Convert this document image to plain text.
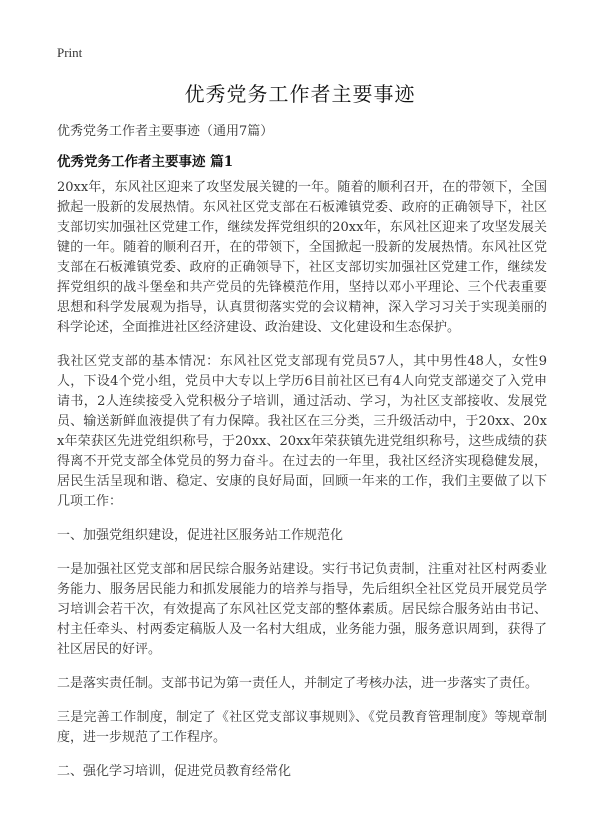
Print
优秀党务工作者主要事迹
优秀党务工作者主要事迹（通用7篇）
优秀党务工作者主要事迹 篇1

20xx年，东风社区迎来了攻坚发展关键的一年。随着的顺利召开，在的带领下，全国掀起一股新的发展热情。东风社区党支部在石板滩镇党委、政府的正确领导下，社区支部切实加强社区党建工作，继续发挥党组织的20xx年，东风社区迎来了攻坚发展关键的一年。随着的顺利召开，在的带领下，全国掀起一股新的发展热情。东风社区党支部在石板滩镇党委、政府的正确领导下，社区支部切实加强社区党建工作，继续发挥党组织的战斗堡垒和共产党员的先锋模范作用，坚持以邓小平理论、三个代表重要思想和科学发展观为指导，认真贯彻落实党的会议精神，深入学习习关于实现美丽的科学论述，全面推进社区经济建设、政治建设、文化建设和生态保护。

我社区党支部的基本情况：东风社区党支部现有党员57人，其中男性48人，女性9人，下设4个党小组，党员中大专以上学历6目前社区已有4人向党支部递交了入党申请书，2人连续接受入党积极分子培训，通过活动、学习，为社区支部接收、发展党员、输送新鲜血液提供了有力保障。我社区在三分类，三升级活动中，于20xx、20xx年荣获区先进党组织称号，于20xx、20xx年荣获镇先进党组织称号，这些成绩的获得离不开党支部全体党员的努力奋斗。在过去的一年里，我社区经济实现稳健发展，居民生活呈现和谐、稳定、安康的良好局面，回顾一年来的工作，我们主要做了以下几项工作：

一、加强党组织建设，促进社区服务站工作规范化

一是加强社区党支部和居民综合服务站建设。实行书记负责制，注重对社区村两委业务能力、服务居民能力和抓发展能力的培养与指导，先后组织全社区党员开展党员学习培训会若干次，有效提高了东风社区党支部的整体素质。居民综合服务站由书记、村主任牵头、村两委定稿版人及一名村大组成，业务能力强，服务意识周到，获得了社区居民的好评。

二是落实责任制。支部书记为第一责任人，并制定了考核办法，进一步落实了责任。

三是完善工作制度，制定了《社区党支部议事规则》、《党员教育管理制度》等规章制度，进一步规范了工作程序。

二、强化学习培训，促进党员教育经常化
